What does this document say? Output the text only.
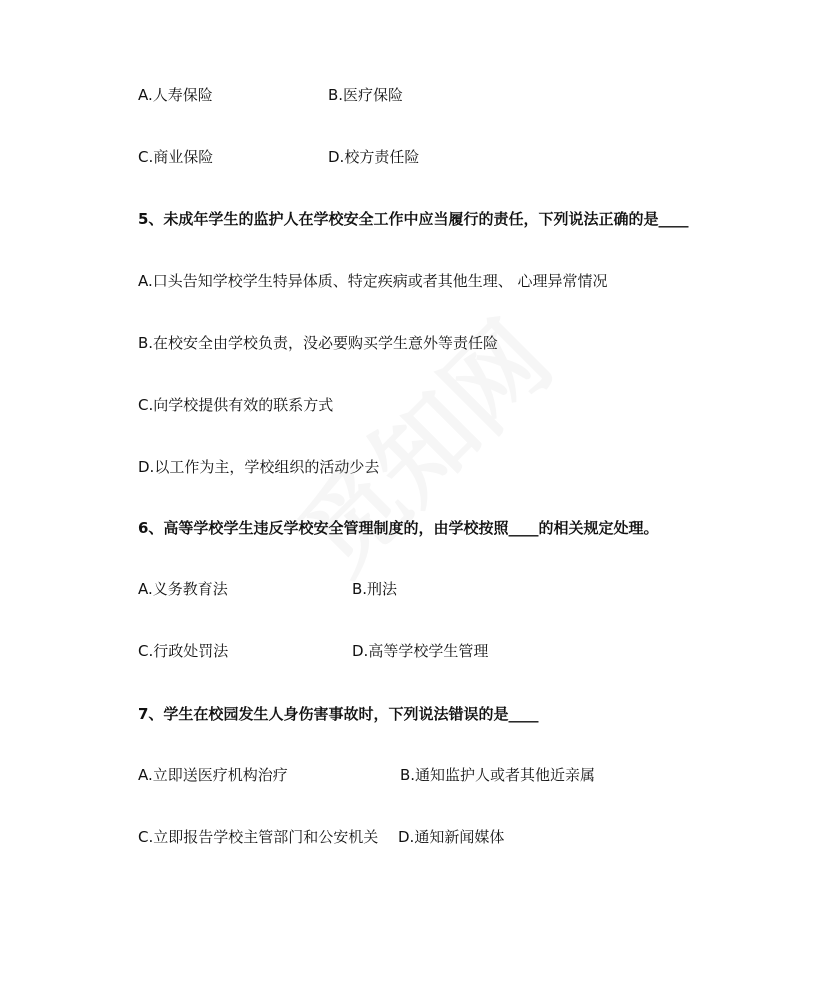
A.人寿保险	B.医疗保险
C.商业保险	D.校方责任险
5、未成年学生的监护人在学校安全工作中应当履行的责任，下列说法正确的是____
A.口头告知学校学生特异体质、特定疾病或者其他生理、 心理异常情况
B.在校安全由学校负责，没必要购买学生意外等责任险
C.向学校提供有效的联系方式
D.以工作为主，学校组织的活动少去
6、高等学校学生违反学校安全管理制度的，由学校按照____的相关规定处理。
A.义务教育法	B.刑法
C.行政处罚法	D.高等学校学生管理
7、学生在校园发生人身伤害事故时，下列说法错误的是____
A.立即送医疗机构治疗	B.通知监护人或者其他近亲属
C.立即报告学校主管部门和公安机关 D.通知新闻媒体
